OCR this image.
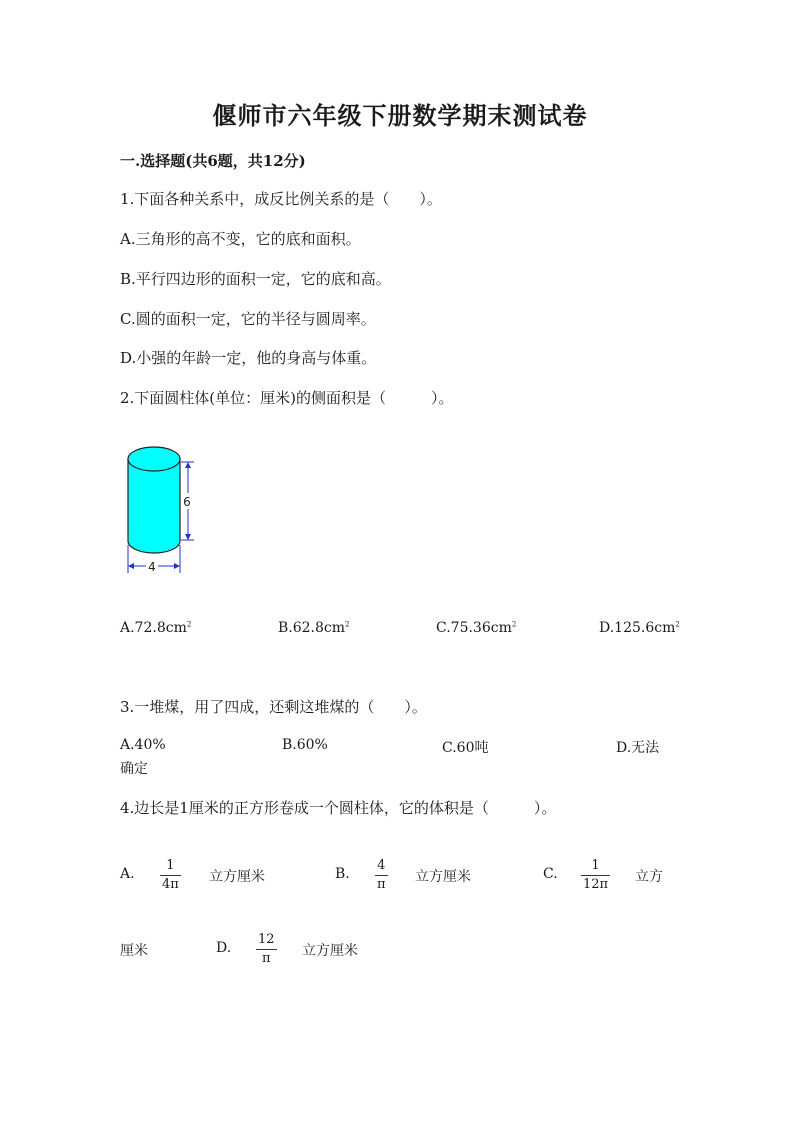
偃师市六年级下册数学期末测试卷
一.选择题(共6题，共12分)
1.下面各种关系中，成反比例关系的是（　　）。
A.三角形的高不变，它的底和面积。
B.平行四边形的面积一定，它的底和高。
C.圆的面积一定，它的半径与圆周率。
D.小强的年龄一定，他的身高与体重。
2.下面圆柱体(单位：厘米)的侧面积是（　　　）。
6
4
$A.72.8cm^2$	$B.62.8cm^2$	$C.75.36cm^2$	$D.125.6cm^2$
3.一堆煤，用了四成，还剩这堆煤的（　　）。
A.40%	B.60%	C.60吨	D.无法
确定
4.边长是1厘米的正方形卷成一个圆柱体，它的体积是（　　　）。
A.
1
4π 立方厘米	B.
4
π 立方厘米	C.
1
12π 立方
厘米	D.
12
π 立方厘米
